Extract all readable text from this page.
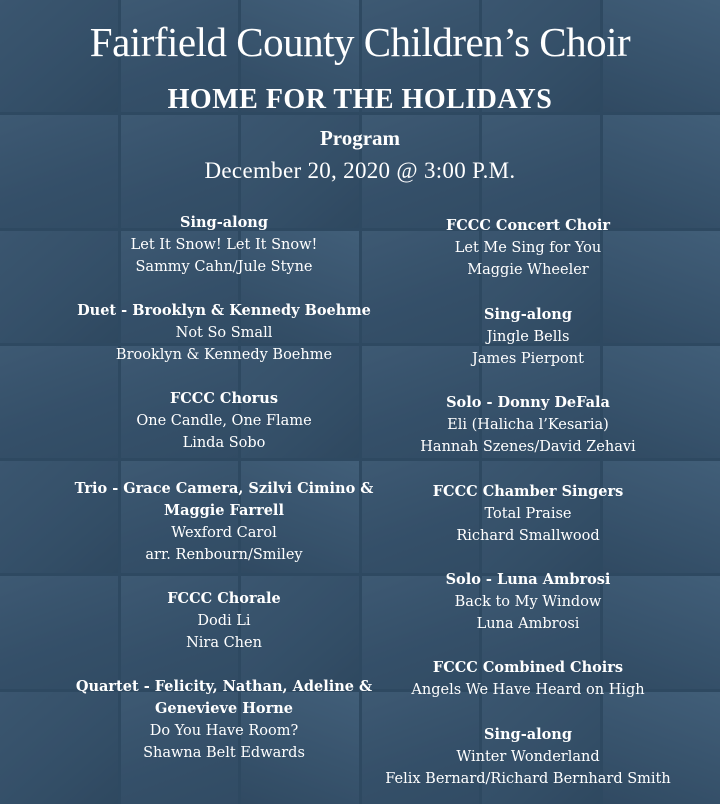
Fairfield County Children’s Choir
HOME FOR THE HOLIDAYS
Program
December 20, 2020 @ 3:00 P.M.
Sing-along
Let It Snow! Let It Snow!
Sammy Cahn/Jule Styne
Duet - Brooklyn & Kennedy Boehme
Not So Small
Brooklyn & Kennedy Boehme
FCCC Chorus
One Candle, One Flame
Linda Sobo
Trio - Grace Camera, Szilvi Cimino &
Maggie Farrell
Wexford Carol
arr. Renbourn/Smiley
FCCC Chorale
Dodi Li
Nira Chen
Quartet - Felicity, Nathan, Adeline &
Genevieve Horne
Do You Have Room?
Shawna Belt Edwards
FCCC Concert Choir
Let Me Sing for You
Maggie Wheeler
Sing-along
Jingle Bells
James Pierpont
Solo - Donny DeFala
Eli (Halicha l’Kesaria)
Hannah Szenes/David Zehavi
FCCC Chamber Singers
Total Praise
Richard Smallwood
Solo - Luna Ambrosi
Back to My Window
Luna Ambrosi
FCCC Combined Choirs
Angels We Have Heard on High
Sing-along
Winter Wonderland
Felix Bernard/Richard Bernhard Smith
